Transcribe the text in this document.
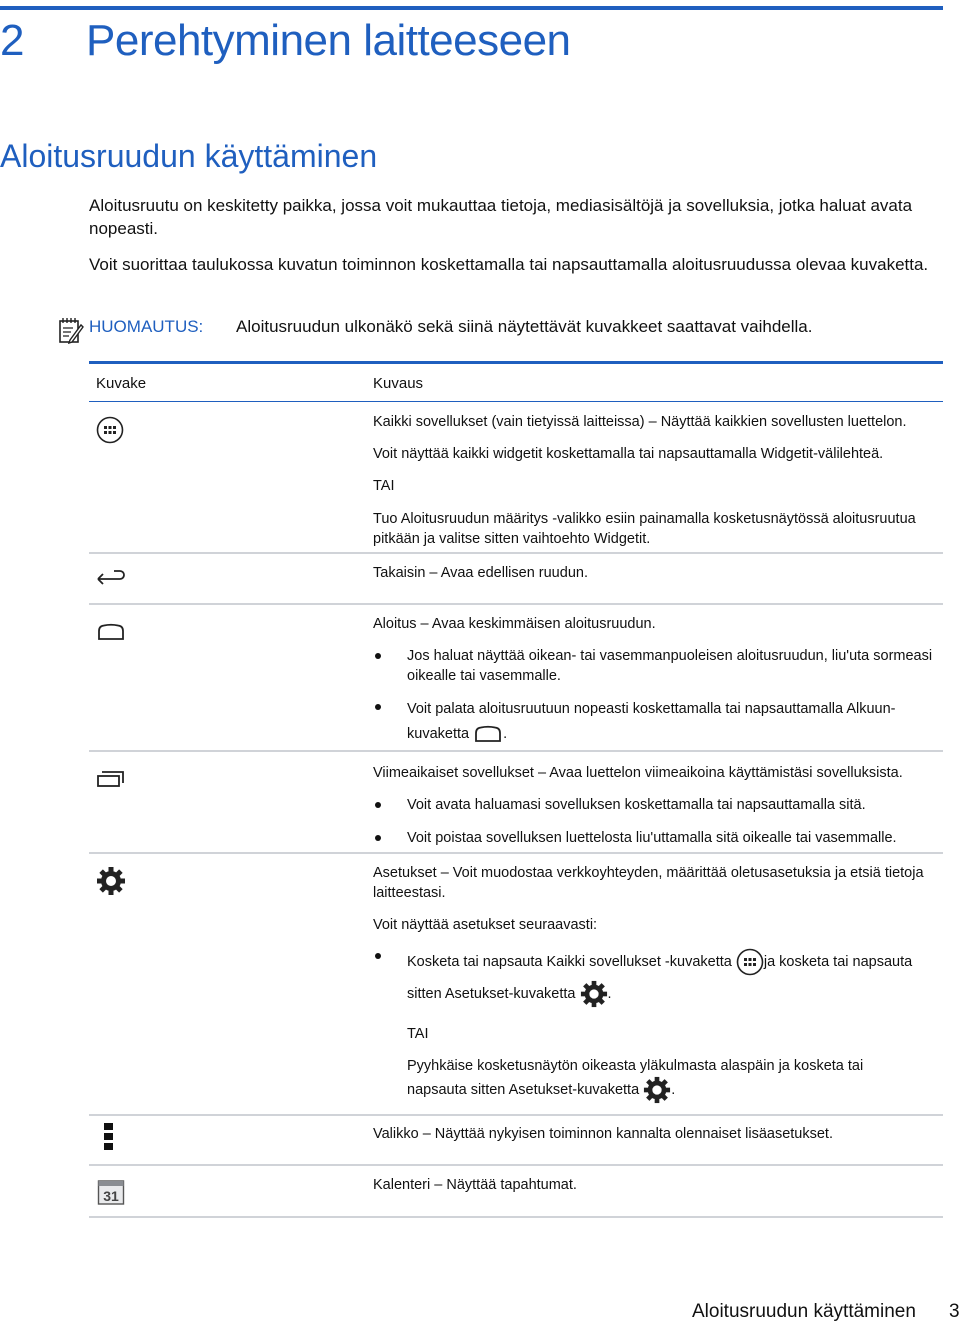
2 Perehtyminen laitteeseen
Aloitusruudun käyttäminen
Aloitusruutu on keskitetty paikka, jossa voit mukauttaa tietoja, mediasisältöjä ja sovelluksia, jotka haluat avata nopeasti.
Voit suorittaa taulukossa kuvatun toiminnon koskettamalla tai napsauttamalla aloitusruudussa olevaa kuvaketta.
HUOMAUTUS: Aloitusruudun ulkonäkö sekä siinä näytettävät kuvakkeet saattavat vaihdella.
Kuvake	Kuvaus
Kaikki sovellukset (vain tietyissä laitteissa) – Näyttää kaikkien sovellusten luettelon.
Voit näyttää kaikki widgetit koskettamalla tai napsauttamalla Widgetit-välilehteä.
TAI
Tuo Aloitusruudun määritys -valikko esiin painamalla kosketusnäytössä aloitusruutua pitkään ja valitse sitten vaihtoehto Widgetit.
Takaisin – Avaa edellisen ruudun.
Aloitus – Avaa keskimmäisen aloitusruudun.
Jos haluat näyttää oikean- tai vasemmanpuoleisen aloitusruudun, liu'uta sormeasi oikealle tai vasemmalle.
Voit palata aloitusruutuun nopeasti koskettamalla tai napsauttamalla Alkuun-
kuvaketta .
Viimeaikaiset sovellukset – Avaa luettelon viimeaikoina käyttämistäsi sovelluksista.
Voit avata haluamasi sovelluksen koskettamalla tai napsauttamalla sitä.
Voit poistaa sovelluksen luettelosta liu'uttamalla sitä oikealle tai vasemmalle.
Asetukset – Voit muodostaa verkkoyhteyden, määrittää oletusasetuksia ja etsiä tietoja laitteestasi.
Voit näyttää asetukset seuraavasti:
Kosketa tai napsauta Kaikki sovellukset -kuvaketta ja kosketa tai napsauta
sitten Asetukset-kuvaketta .
TAI
Pyyhkäise kosketusnäytön oikeasta yläkulmasta alaspäin ja kosketa tai
napsauta sitten Asetukset-kuvaketta .
Valikko – Näyttää nykyisen toiminnon kannalta olennaiset lisäasetukset.
31
Kalenteri – Näyttää tapahtumat.
Aloitusruudun käyttäminen 3
